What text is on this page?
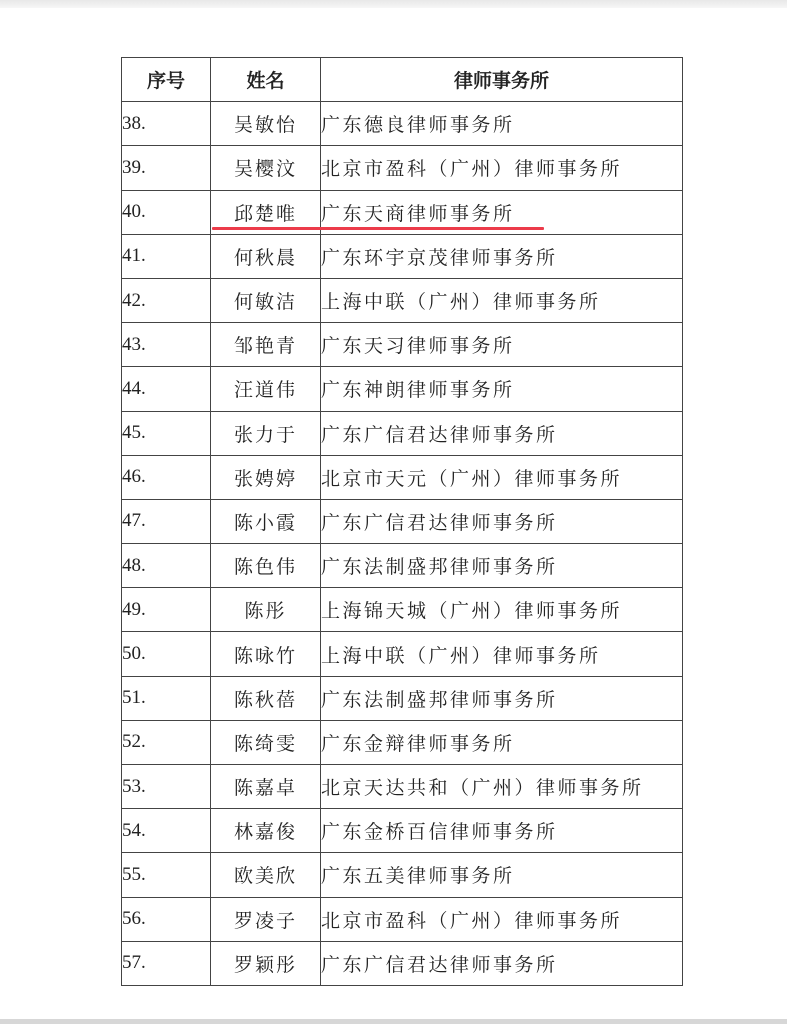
序号	姓名	律师事务所
38.	吴敏怡	广东德良律师事务所
39.	吴樱汶	北京市盈科（广州）律师事务所
40.	邱楚唯	广东天商律师事务所
41.	何秋晨	广东环宇京茂律师事务所
42.	何敏洁	上海中联（广州）律师事务所
43.	邹艳青	广东天习律师事务所
44.	汪道伟	广东神朗律师事务所
45.	张力于	广东广信君达律师事务所
46.	张娉婷	北京市天元（广州）律师事务所
47.	陈小霞	广东广信君达律师事务所
48.	陈色伟	广东法制盛邦律师事务所
49.	陈彤	上海锦天城（广州）律师事务所
50.	陈咏竹	上海中联（广州）律师事务所
51.	陈秋蓓	广东法制盛邦律师事务所
52.	陈绮雯	广东金辩律师事务所
53.	陈嘉卓	北京天达共和（广州）律师事务所
54.	林嘉俊	广东金桥百信律师事务所
55.	欧美欣	广东五美律师事务所
56.	罗凌子	北京市盈科（广州）律师事务所
57.	罗颖彤	广东广信君达律师事务所
